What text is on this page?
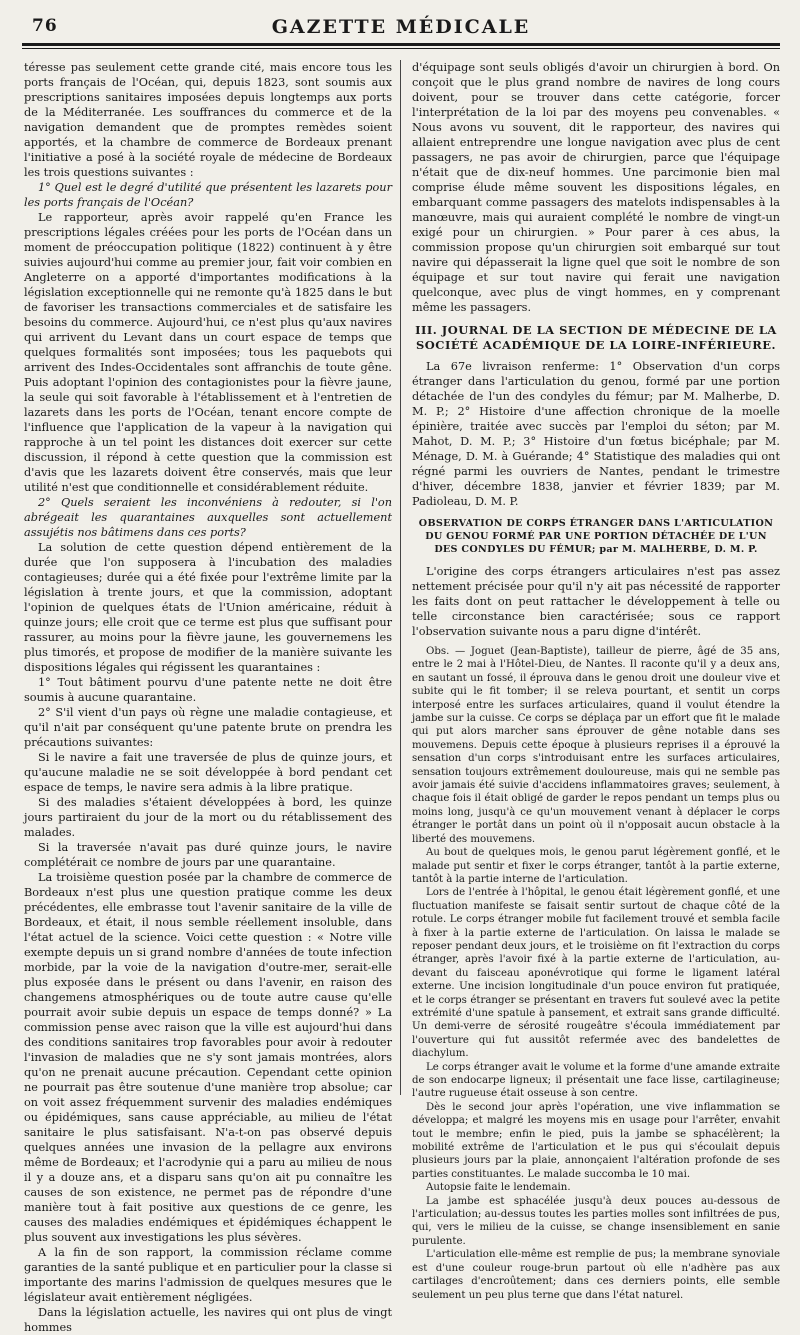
76	GAZETTE MÉDICALE

téresse pas seulement cette grande cité, mais encore tous les ports français de l'Océan, qui, depuis 1823, sont soumis aux prescriptions sanitaires imposées depuis longtemps aux ports de la Méditerranée. Les souffrances du commerce et de la navigation demandent que de promptes remèdes soient apportés, et la chambre de commerce de Bordeaux prenant l'initiative a posé à la société royale de médecine de Bordeaux les trois questions suivantes :

1° Quel est le degré d'utilité que présentent les lazarets pour les ports français de l'Océan?

Le rapporteur, après avoir rappelé qu'en France les prescriptions légales créées pour les ports de l'Océan dans un moment de préoccupation politique (1822) continuent à y être suivies aujourd'hui comme au premier jour, fait voir combien en Angleterre on a apporté d'importantes modifications à la législation exceptionnelle qui ne remonte qu'à 1825 dans le but de favoriser les transactions commerciales et de satisfaire les besoins du commerce. Aujourd'hui, ce n'est plus qu'aux navires qui arrivent du Levant dans un court espace de temps que quelques formalités sont imposées; tous les paquebots qui arrivent des Indes-Occidentales sont affranchis de toute gêne. Puis adoptant l'opinion des contagionistes pour la fièvre jaune, la seule qui soit favorable à l'établissement et à l'entretien de lazarets dans les ports de l'Océan, tenant encore compte de l'influence que l'application de la vapeur à la navigation qui rapproche à un tel point les distances doit exercer sur cette discussion, il répond à cette question que la commission est d'avis que les lazarets doivent être conservés, mais que leur utilité n'est que conditionnelle et considérablement réduite.

2° Quels seraient les inconvéniens à redouter, si l'on abrégeait les quarantaines auxquelles sont actuellement assujétis nos bâtimens dans ces ports?

La solution de cette question dépend entièrement de la durée que l'on supposera à l'incubation des maladies contagieuses; durée qui a été fixée pour l'extrême limite par la législation à trente jours, et que la commission, adoptant l'opinion de quelques états de l'Union américaine, réduit à quinze jours; elle croit que ce terme est plus que suffisant pour rassurer, au moins pour la fièvre jaune, les gouvernemens les plus timorés, et propose de modifier de la manière suivante les dispositions légales qui régissent les quarantaines :

1° Tout bâtiment pourvu d'une patente nette ne doit être soumis à aucune quarantaine.

2° S'il vient d'un pays où règne une maladie contagieuse, et qu'il n'ait par conséquent qu'une patente brute on prendra les précautions suivantes:

Si le navire a fait une traversée de plus de quinze jours, et qu'aucune maladie ne se soit développée à bord pendant cet espace de temps, le navire sera admis à la libre pratique.

Si des maladies s'étaient développées à bord, les quinze jours partiraient du jour de la mort ou du rétablissement des malades.

Si la traversée n'avait pas duré quinze jours, le navire complétérait ce nombre de jours par une quarantaine.

La troisième question posée par la chambre de commerce de Bordeaux n'est plus une question pratique comme les deux précédentes, elle embrasse tout l'avenir sanitaire de la ville de Bordeaux, et était, il nous semble réellement insoluble, dans l'état actuel de la science. Voici cette question : « Notre ville exempte depuis un si grand nombre d'années de toute infection morbide, par la voie de la navigation d'outre-mer, serait-elle plus exposée dans le présent ou dans l'avenir, en raison des changemens atmosphériques ou de toute autre cause qu'elle pourrait avoir subie depuis un espace de temps donné? » La commission pense avec raison que la ville est aujourd'hui dans des conditions sanitaires trop favorables pour avoir à redouter l'invasion de maladies que ne s'y sont jamais montrées, alors qu'on ne prenait aucune précaution. Cependant cette opinion ne pourrait pas être soutenue d'une manière trop absolue; car on voit assez fréquemment survenir des maladies endémiques ou épidémiques, sans cause appréciable, au milieu de l'état sanitaire le plus satisfaisant. N'a-t-on pas observé depuis quelques années une invasion de la pellagre aux environs même de Bordeaux; et l'acrodynie qui a paru au milieu de nous il y a douze ans, et a disparu sans qu'on ait pu connaître les causes de son existence, ne permet pas de répondre d'une manière tout à fait positive aux questions de ce genre, les causes des maladies endémiques et épidémiques échappent le plus souvent aux investigations les plus sévères.

A la fin de son rapport, la commission réclame comme garanties de la santé publique et en particulier pour la classe si importante des marins l'admission de quelques mesures que le législateur avait entièrement négligées.

Dans la législation actuelle, les navires qui ont plus de vingt hommes

d'équipage sont seuls obligés d'avoir un chirurgien à bord. On conçoit que le plus grand nombre de navires de long cours doivent, pour se trouver dans cette catégorie, forcer l'interprétation de la loi par des moyens peu convenables. « Nous avons vu souvent, dit le rapporteur, des navires qui allaient entreprendre une longue navigation avec plus de cent passagers, ne pas avoir de chirurgien, parce que l'équipage n'était que de dix-neuf hommes. Une parcimonie bien mal comprise élude même souvent les dispositions légales, en embarquant comme passagers des matelots indispensables à la manœuvre, mais qui auraient complété le nombre de vingt-un exigé pour un chirurgien. » Pour parer à ces abus, la commission propose qu'un chirurgien soit embarqué sur tout navire qui dépasserait la ligne quel que soit le nombre de son équipage et sur tout navire qui ferait une navigation quelconque, avec plus de vingt hommes, en y comprenant même les passagers.

III. JOURNAL DE LA SECTION DE MÉDECINE DE LA SOCIÉTÉ ACADÉMIQUE DE LA LOIRE-INFÉRIEURE.

La 67e livraison renferme: 1° Observation d'un corps étranger dans l'articulation du genou, formé par une portion détachée de l'un des condyles du fémur; par M. Malherbe, D. M. P.; 2° Histoire d'une affection chronique de la moelle épinière, traitée avec succès par l'emploi du séton; par M. Mahot, D. M. P.; 3° Histoire d'un fœtus bicéphale; par M. Ménage, D. M. à Guérande; 4° Statistique des maladies qui ont régné parmi les ouvriers de Nantes, pendant le trimestre d'hiver, décembre 1838, janvier et février 1839; par M. Padioleau, D. M. P.

OBSERVATION DE CORPS ÉTRANGER DANS L'ARTICULATION DU GENOU FORMÉ PAR UNE PORTION DÉTACHÉE DE L'UN DES CONDYLES DU FÉMUR; par M. MALHERBE, D. M. P.

L'origine des corps étrangers articulaires n'est pas assez nettement précisée pour qu'il n'y ait pas nécessité de rapporter les faits dont on peut rattacher le développement à telle ou telle circonstance bien caractérisée; sous ce rapport l'observation suivante nous a paru digne d'intérêt.

Obs. — Joguet (Jean-Baptiste), tailleur de pierre, âgé de 35 ans, entre le 2 mai à l'Hôtel-Dieu, de Nantes. Il raconte qu'il y a deux ans, en sautant un fossé, il éprouva dans le genou droit une douleur vive et subite qui le fit tomber; il se releva pourtant, et sentit un corps interposé entre les surfaces articulaires, quand il voulut étendre la jambe sur la cuisse. Ce corps se déplaça par un effort que fit le malade qui put alors marcher sans éprouver de gêne notable dans ses mouvemens. Depuis cette époque à plusieurs reprises il a éprouvé la sensation d'un corps s'introduisant entre les surfaces articulaires, sensation toujours extrêmement douloureuse, mais qui ne semble pas avoir jamais été suivie d'accidens inflammatoires graves; seulement, à chaque fois il était obligé de garder le repos pendant un temps plus ou moins long, jusqu'à ce qu'un mouvement venant à déplacer le corps étranger le portât dans un point où il n'opposait aucun obstacle à la liberté des mouvemens.

Au bout de quelques mois, le genou parut légèrement gonflé, et le malade put sentir et fixer le corps étranger, tantôt à la partie externe, tantôt à la partie interne de l'articulation.

Lors de l'entrée à l'hôpital, le genou était légèrement gonflé, et une fluctuation manifeste se faisait sentir surtout de chaque côté de la rotule. Le corps étranger mobile fut facilement trouvé et sembla facile à fixer à la partie externe de l'articulation. On laissa le malade se reposer pendant deux jours, et le troisième on fit l'extraction du corps étranger, après l'avoir fixé à la partie externe de l'articulation, au-devant du faisceau aponévrotique qui forme le ligament latéral externe. Une incision longitudinale d'un pouce environ fut pratiquée, et le corps étranger se présentant en travers fut soulevé avec la petite extrémité d'une spatule à pansement, et extrait sans grande difficulté. Un demi-verre de sérosité rougeâtre s'écoula immédiatement par l'ouverture qui fut aussitôt refermée avec des bandelettes de diachylum.

Le corps étranger avait le volume et la forme d'une amande extraite de son endocarpe ligneux; il présentait une face lisse, cartilagineuse; l'autre rugueuse était osseuse à son centre.

Dès le second jour après l'opération, une vive inflammation se développa; et malgré les moyens mis en usage pour l'arrêter, envahit tout le membre; enfin le pied, puis la jambe se sphacélèrent; la mobilité extrême de l'articulation et le pus qui s'écoulait depuis plusieurs jours par la plaie, annonçaient l'altération profonde de ses parties constituantes. Le malade succomba le 10 mai.

Autopsie faite le lendemain.

La jambe est sphacélée jusqu'à deux pouces au-dessous de l'articulation; au-dessus toutes les parties molles sont infiltrées de pus, qui, vers le milieu de la cuisse, se change insensiblement en sanie purulente.

L'articulation elle-même est remplie de pus; la membrane synoviale est d'une couleur rouge-brun partout où elle n'adhère pas aux cartilages d'encroûtement; dans ces derniers points, elle semble seulement un peu plus terne que dans l'état naturel.
